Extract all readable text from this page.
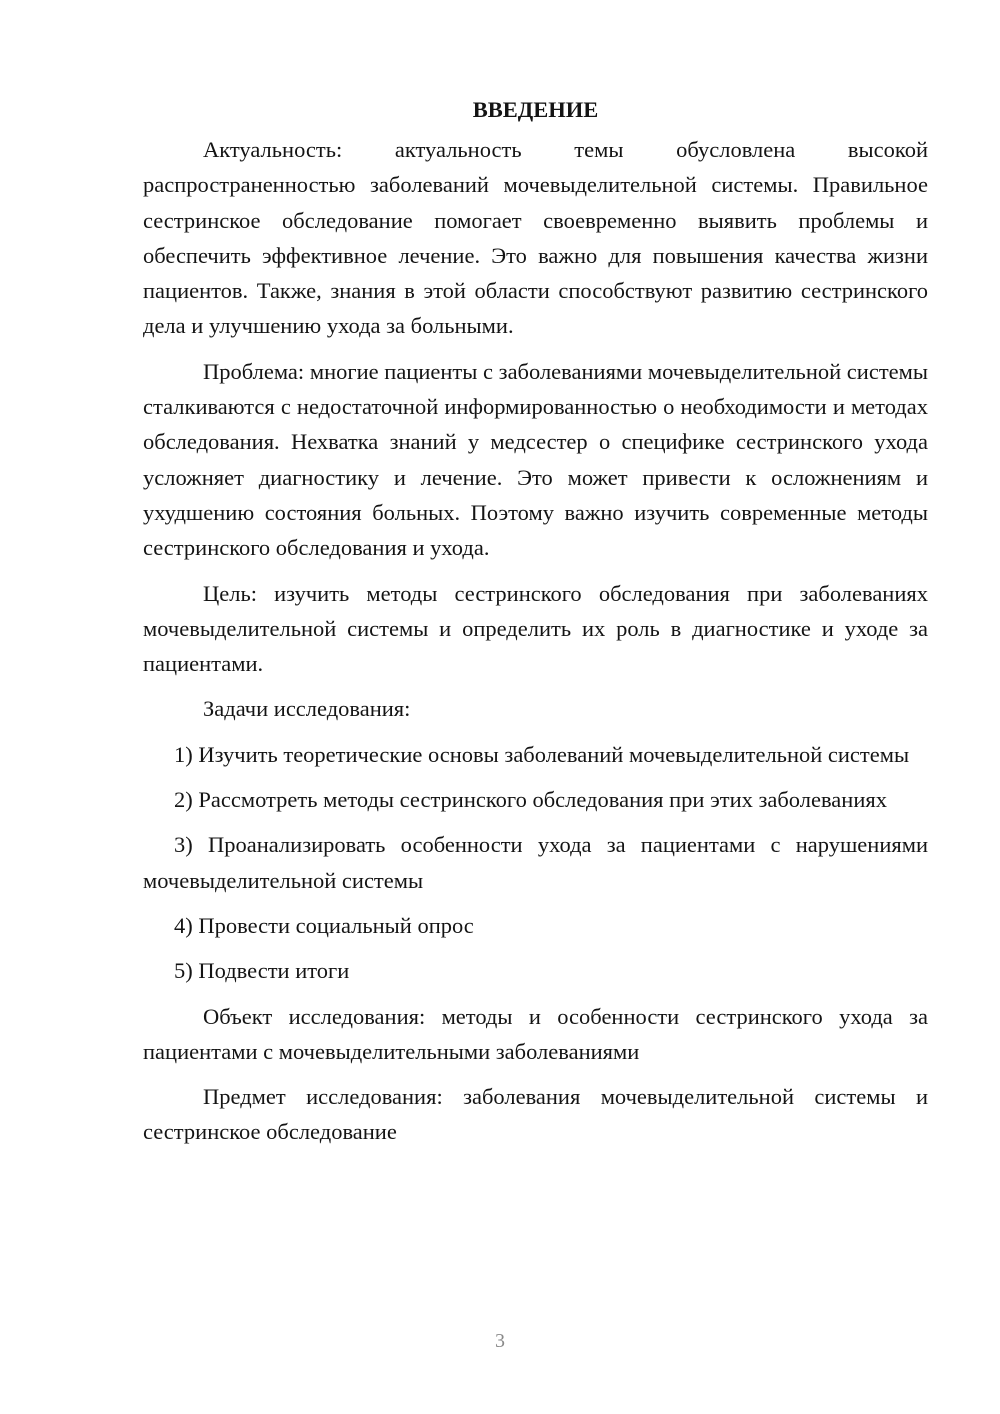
ВВЕДЕНИЕ

Актуальность: актуальность темы обусловлена высокой распространенностью заболеваний мочевыделительной системы. Правильное сестринское обследование помогает своевременно выявить проблемы и обеспечить эффективное лечение. Это важно для повышения качества жизни пациентов. Также, знания в этой области способствуют развитию сестринского дела и улучшению ухода за больными.

Проблема: многие пациенты с заболеваниями мочевыделительной системы сталкиваются с недостаточной информированностью о необходимости и методах обследования. Нехватка знаний у медсестер о специфике сестринского ухода усложняет диагностику и лечение. Это может привести к осложнениям и ухудшению состояния больных. Поэтому важно изучить современные методы сестринского обследования и ухода.

Цель: изучить методы сестринского обследования при заболеваниях мочевыделительной системы и определить их роль в диагностике и уходе за пациентами.

Задачи исследования:

1) Изучить теоретические основы заболеваний мочевыделительной системы

2) Рассмотреть методы сестринского обследования при этих заболеваниях

3) Проанализировать особенности ухода за пациентами с нарушениями мочевыделительной системы

4) Провести социальный опрос

5) Подвести итоги

Объект исследования: методы и особенности сестринского ухода за пациентами с мочевыделительными заболеваниями

Предмет исследования: заболевания мочевыделительной системы и сестринское обследование

3
